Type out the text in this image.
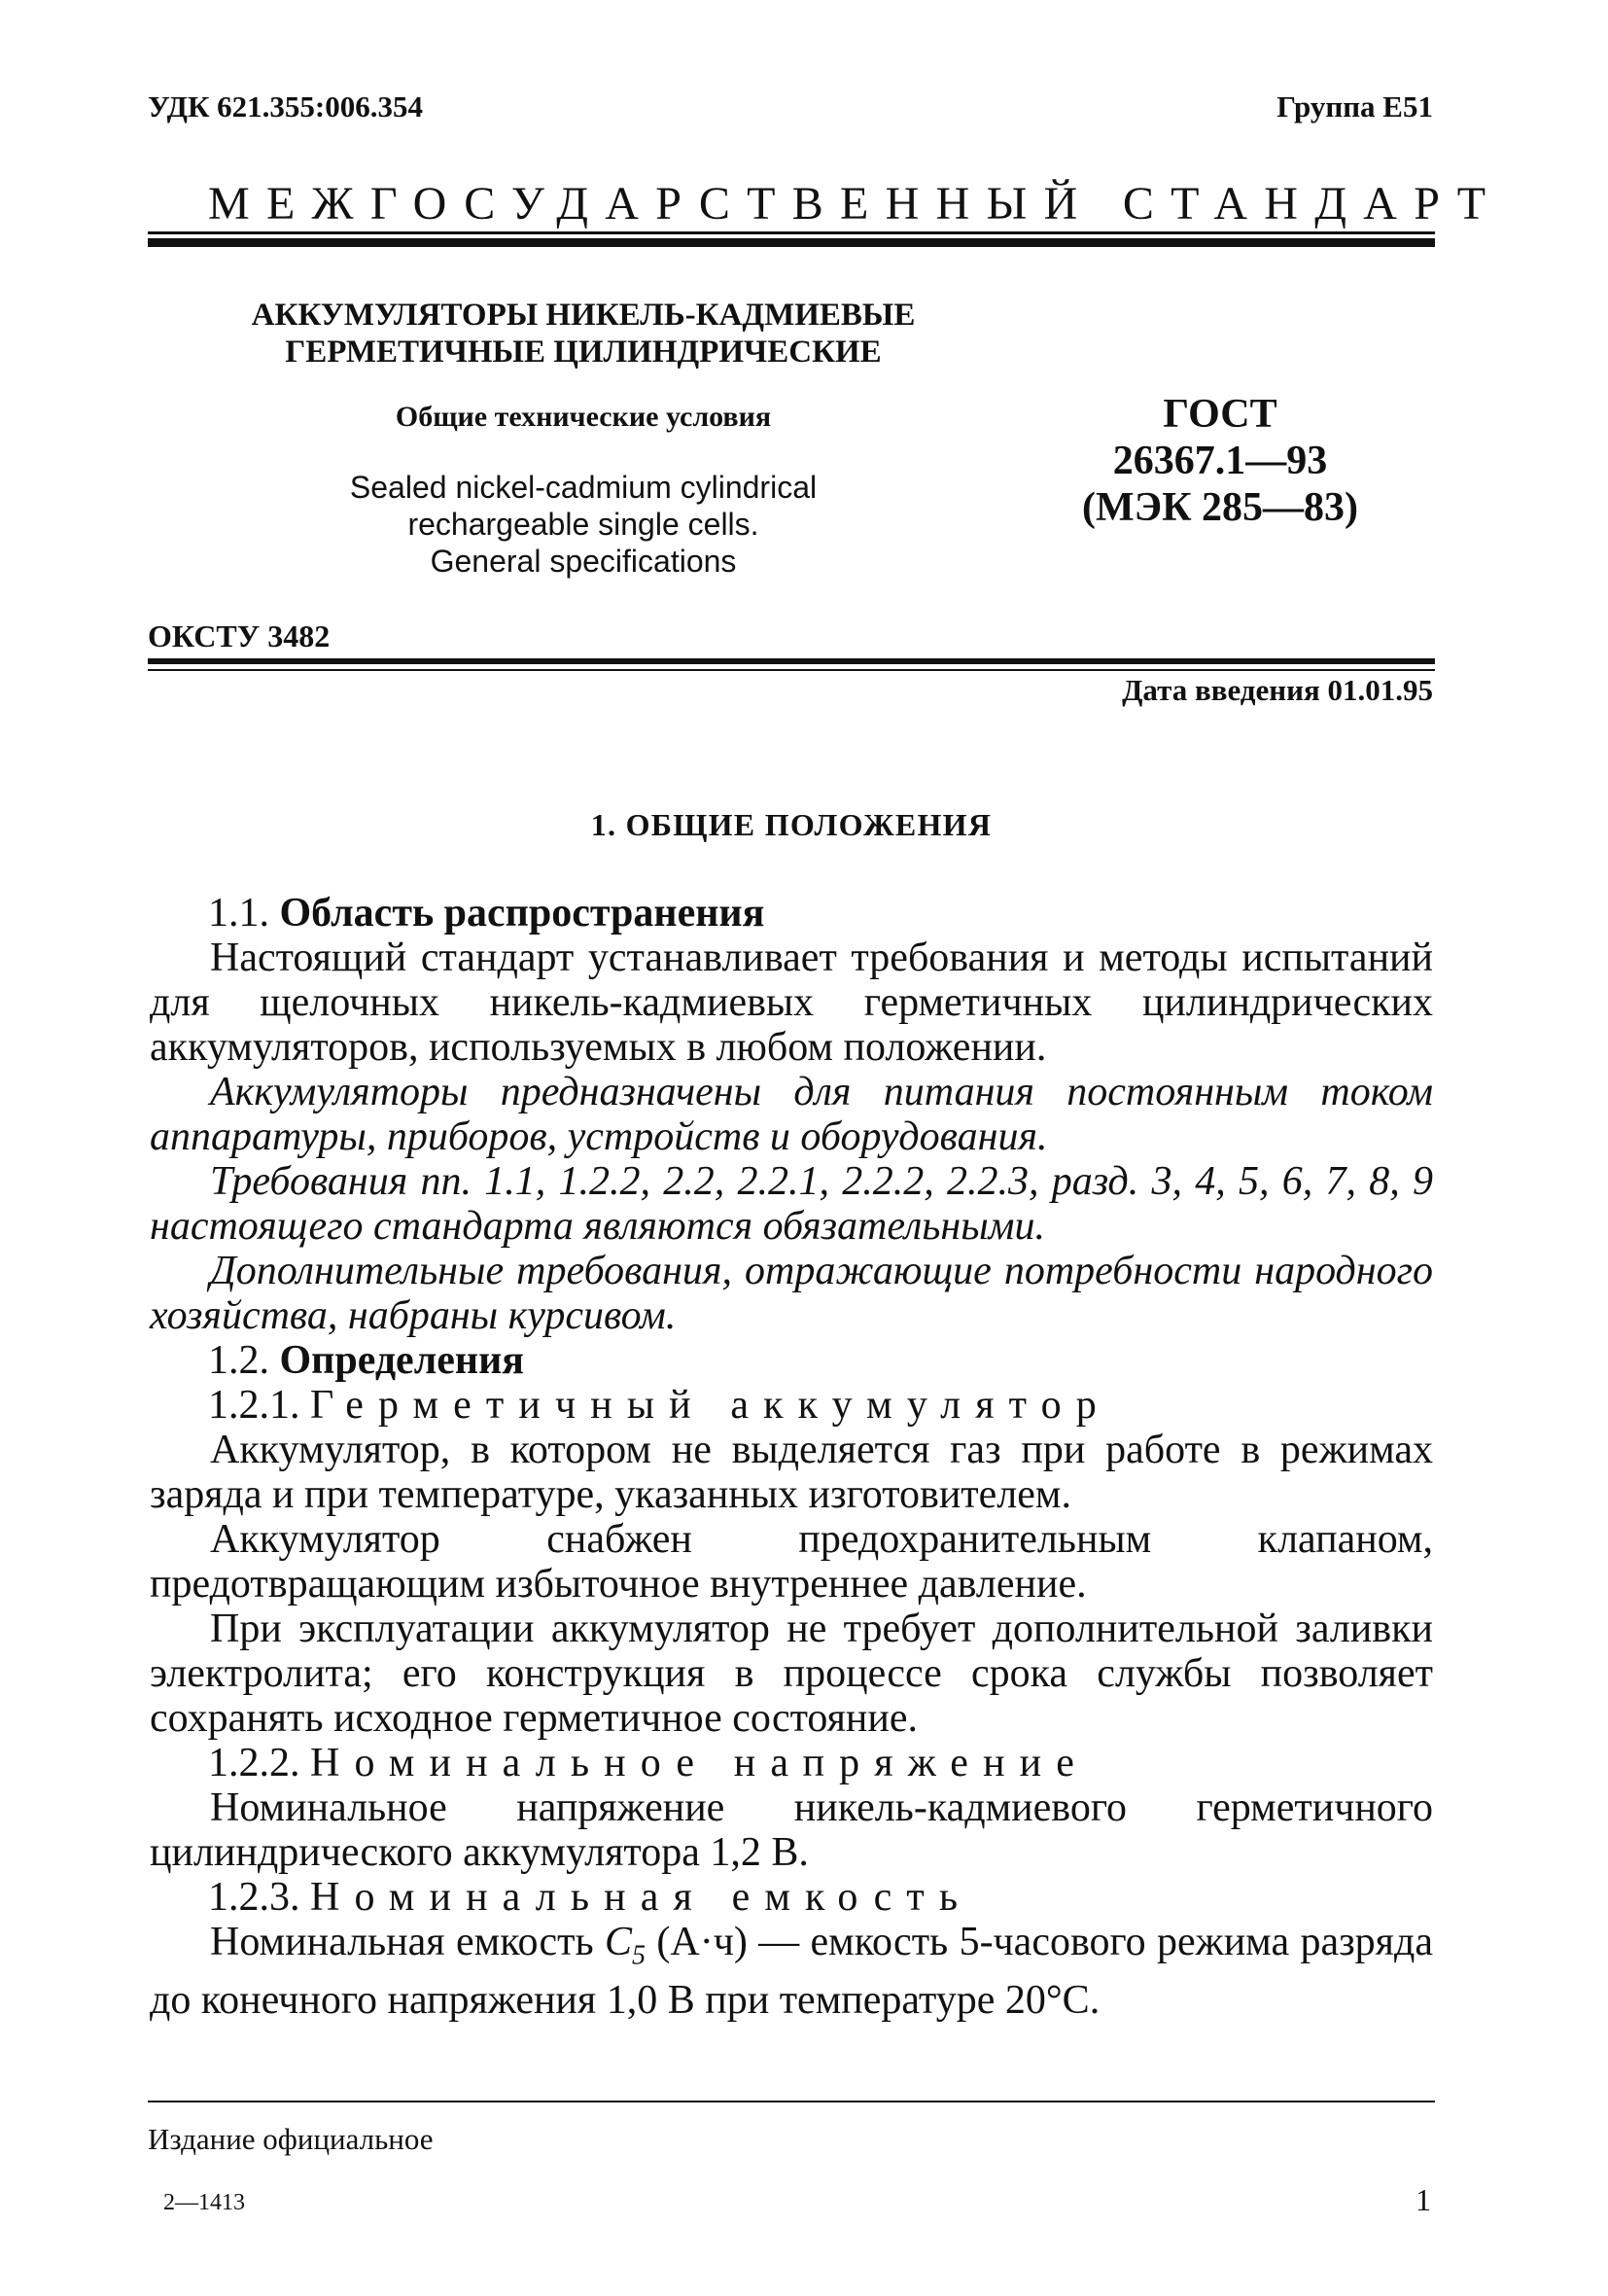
УДК 621.355:006.354	Группа Е51
МЕЖГОСУДАРСТВЕННЫЙ СТАНДАРТ
АККУМУЛЯТОРЫ НИКЕЛЬ-КАДМИЕВЫЕ
ГЕРМЕТИЧНЫЕ ЦИЛИНДРИЧЕСКИЕ
Общие технические условия
Sealed nickel-cadmium cylindrical
rechargeable single cells.
General specifications
ГОСТ
26367.1—93
(МЭК 285—83)
ОКСТУ 3482
Дата введения 01.01.95
1. ОБЩИЕ ПОЛОЖЕНИЯ
1.1. Область распространения
Настоящий стандарт устанавливает требования и методы испытаний для щелочных никель-кадмиевых герметичных цилиндрических аккумуляторов, используемых в любом положении.
Аккумуляторы предназначены для питания постоянным током аппаратуры, приборов, устройств и оборудования.
Требования пп. 1.1, 1.2.2, 2.2, 2.2.1, 2.2.2, 2.2.3, разд. 3, 4, 5, 6, 7, 8, 9 настоящего стандарта являются обязательными.
Дополнительные требования, отражающие потребности народного хозяйства, набраны курсивом.
1.2. Определения
1.2.1. Герметичный аккумулятор
Аккумулятор, в котором не выделяется газ при работе в режимах заряда и при температуре, указанных изготовителем.
Аккумулятор снабжен предохранительным клапаном, предотвращающим избыточное внутреннее давление.
При эксплуатации аккумулятор не требует дополнительной заливки электролита; его конструкция в процессе срока службы позволяет сохранять исходное герметичное состояние.
1.2.2. Номинальное напряжение
Номинальное напряжение никель-кадмиевого герметичного цилиндрического аккумулятора 1,2 В.
1.2.3. Номинальная емкость
Номинальная емкость $C_5$ (А·ч) — емкость 5-часового режима разряда до конечного напряжения 1,0 В при температуре 20°С.
Издание официальное
2—1413	1
